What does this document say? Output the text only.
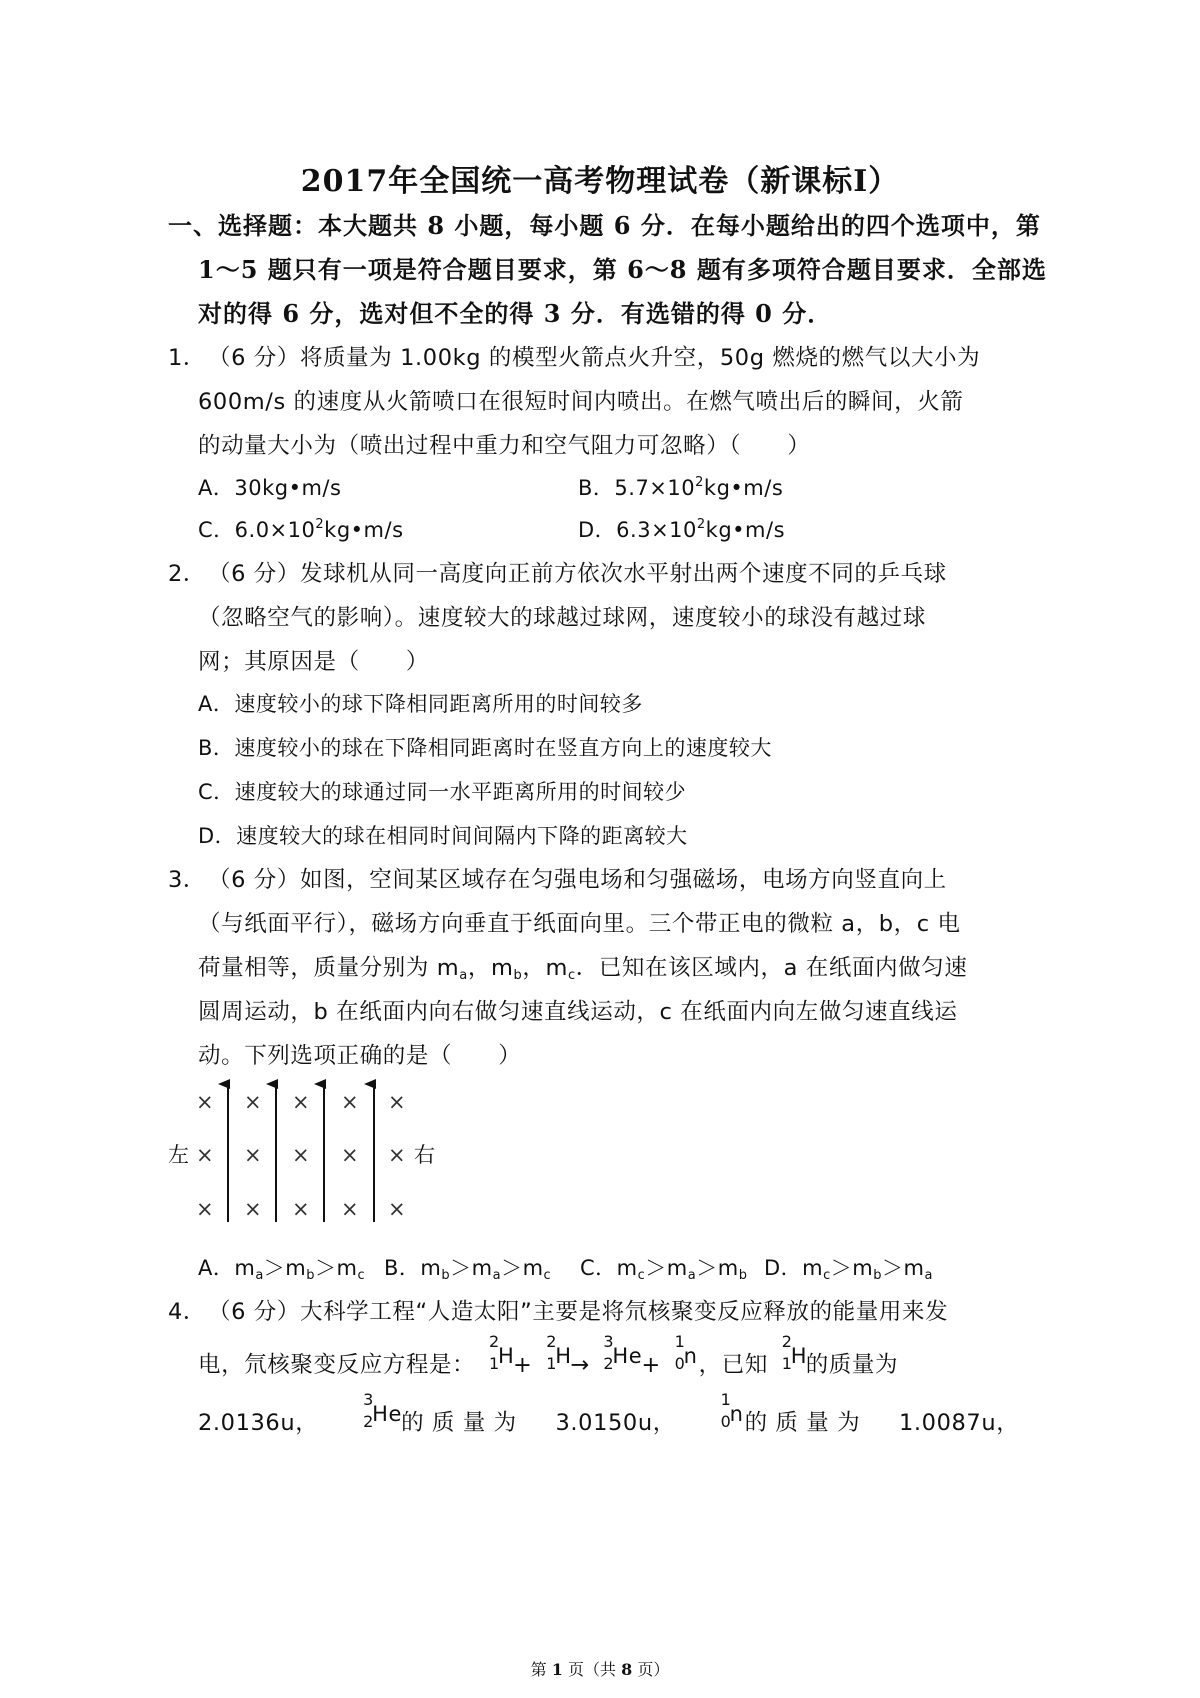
2017年全国统一高考物理试卷（新课标Ⅰ）
一、选择题：本大题共 8 小题，每小题 6 分．在每小题给出的四个选项中，第
1～5 题只有一项是符合题目要求，第 6～8 题有多项符合题目要求．全部选
对的得 6 分，选对但不全的得 3 分．有选错的得 0 分．
1． （6 分）将质量为 1.00kg 的模型火箭点火升空，50g 燃烧的燃气以大小为
600m/s 的速度从火箭喷口在很短时间内喷出。在燃气喷出后的瞬间，火箭
的动量大小为（喷出过程中重力和空气阻力可忽略）（　　）
A．30kg•m/s	B．$5.7\times 10^2kg•m/s$
C．$6.0\times 10^2kg•m/s$	D．$6.3\times 10^2kg•m/s$
2． （6 分）发球机从同一高度向正前方依次水平射出两个速度不同的乒乓球
（忽略空气的影响）。速度较大的球越过球网，速度较小的球没有越过球
网；其原因是（　　）
A．速度较小的球下降相同距离所用的时间较多
B．速度较小的球在下降相同距离时在竖直方向上的速度较大
C．速度较大的球通过同一水平距离所用的时间较少
D．速度较大的球在相同时间间隔内下降的距离较大
3． （6 分）如图，空间某区域存在匀强电场和匀强磁场，电场方向竖直向上
（与纸面平行），磁场方向垂直于纸面向里。三个带正电的微粒 a，b，c 电
荷量相等，质量分别为 $m_a$，$m_b$，$m_c$．已知在该区域内，a 在纸面内做匀速
圆周运动，b 在纸面内向右做匀速直线运动，c 在纸面内向左做匀速直线运
动。下列选项正确的是（　　）
左	右
× × × × ×
× × × × ×
× × × × ×
A．$m_a>m_b>m_c$ B．$m_b>m_a>m_c$ C．$m_c>m_a>m_b$ D．$m_c>m_b>m_a$
4． （6 分）大科学工程“人造太阳”主要是将氘核聚变反应释放的能量用来发
电，氘核聚变反应方程是：
2
1
H
+
2
1
H
→
3
2
He +
1
0
n ，已知
2
1
H
的质量为
2.0136u，
3
2
He 的 质 量 为 3.0150u，
1
0
n 的 质 量 为 1.0087u，
第 1 页（共 8 页）
